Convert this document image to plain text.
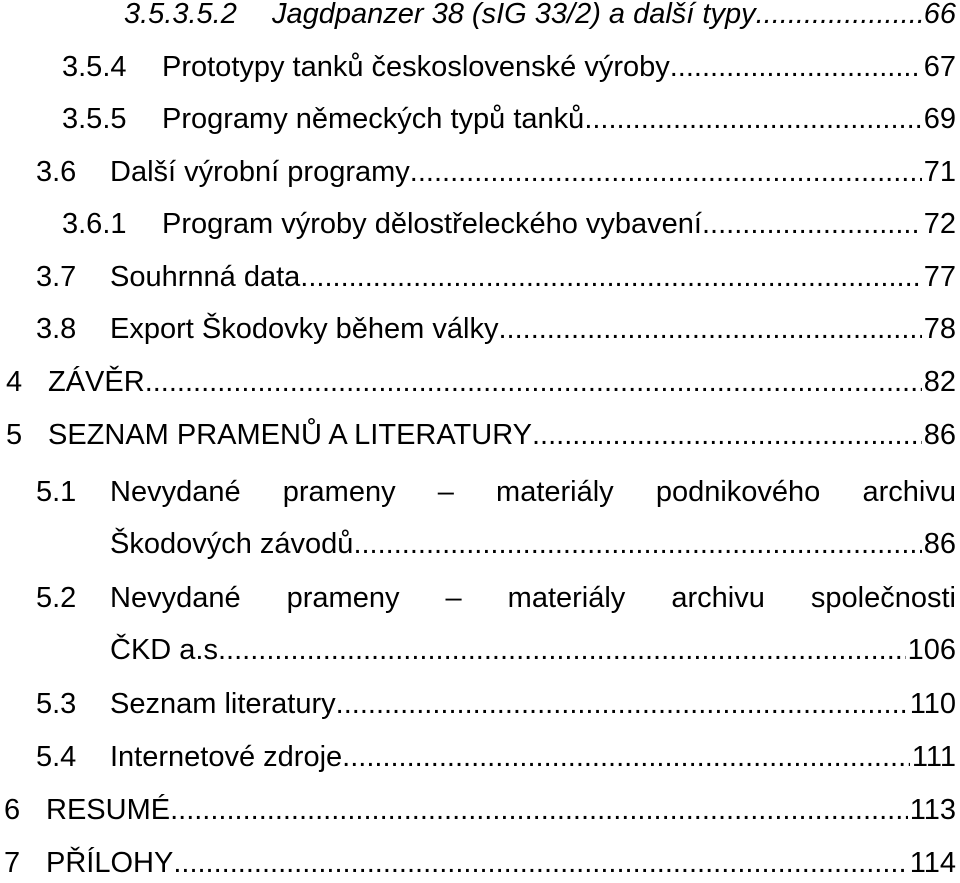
3.5.3.5.2	Jagdpanzer 38 (sIG 33/2) a další typy .....	66
3.5.4	Prototypy tanků československé výroby .....	67
3.5.5	Programy německých typů tanků .....	69
3.6	Další výrobní programy .....	71
3.6.1	Program výroby dělostřeleckého vybavení .....	72
3.7	Souhrnná data .....	77
3.8	Export Škodovky během války .....	78
4 ZÁVĚR .....	82
5 SEZNAM PRAMENŮ A LITERATURY .....	86
5.1	Nevydané prameny – materiály podnikového archivu
Škodových závodů .....	86
5.2	Nevydané prameny – materiály archivu společnosti
ČKD a.s. .....	106
5.3	Seznam literatury .....	110
5.4	Internetové zdroje .....	111
6 RESUMÉ .....	113
7 PŘÍLOHY .....	114
